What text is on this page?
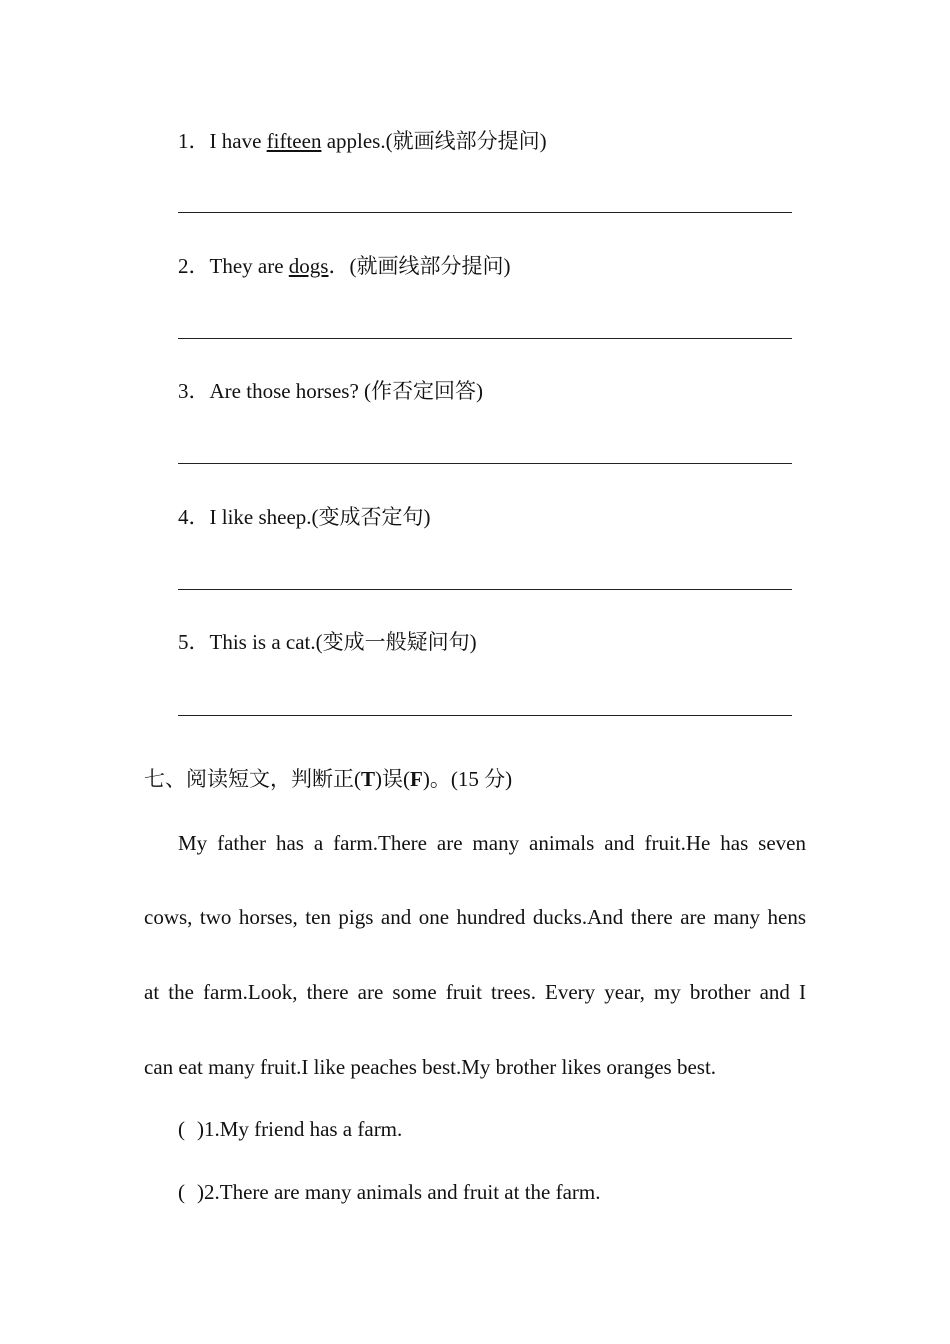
1．I have fifteen apples.(就画线部分提问)
2．They are dogs．(就画线部分提问)
3．Are those horses? (作否定回答)
4．I like sheep.(变成否定句)
5．This is a cat.(变成一般疑问句)
七、阅读短文，判断正(T)误(F)。(15 分)
My father has a farm.There are many animals and fruit.He has seven
cows, two horses, ten pigs and one hundred ducks.And there are many hens
at the farm.Look, there are some fruit trees. Every year, my brother and I
can eat many fruit.I like peaches best.My brother likes oranges best.
( )1.My friend has a farm.
( )2.There are many animals and fruit at the farm.
